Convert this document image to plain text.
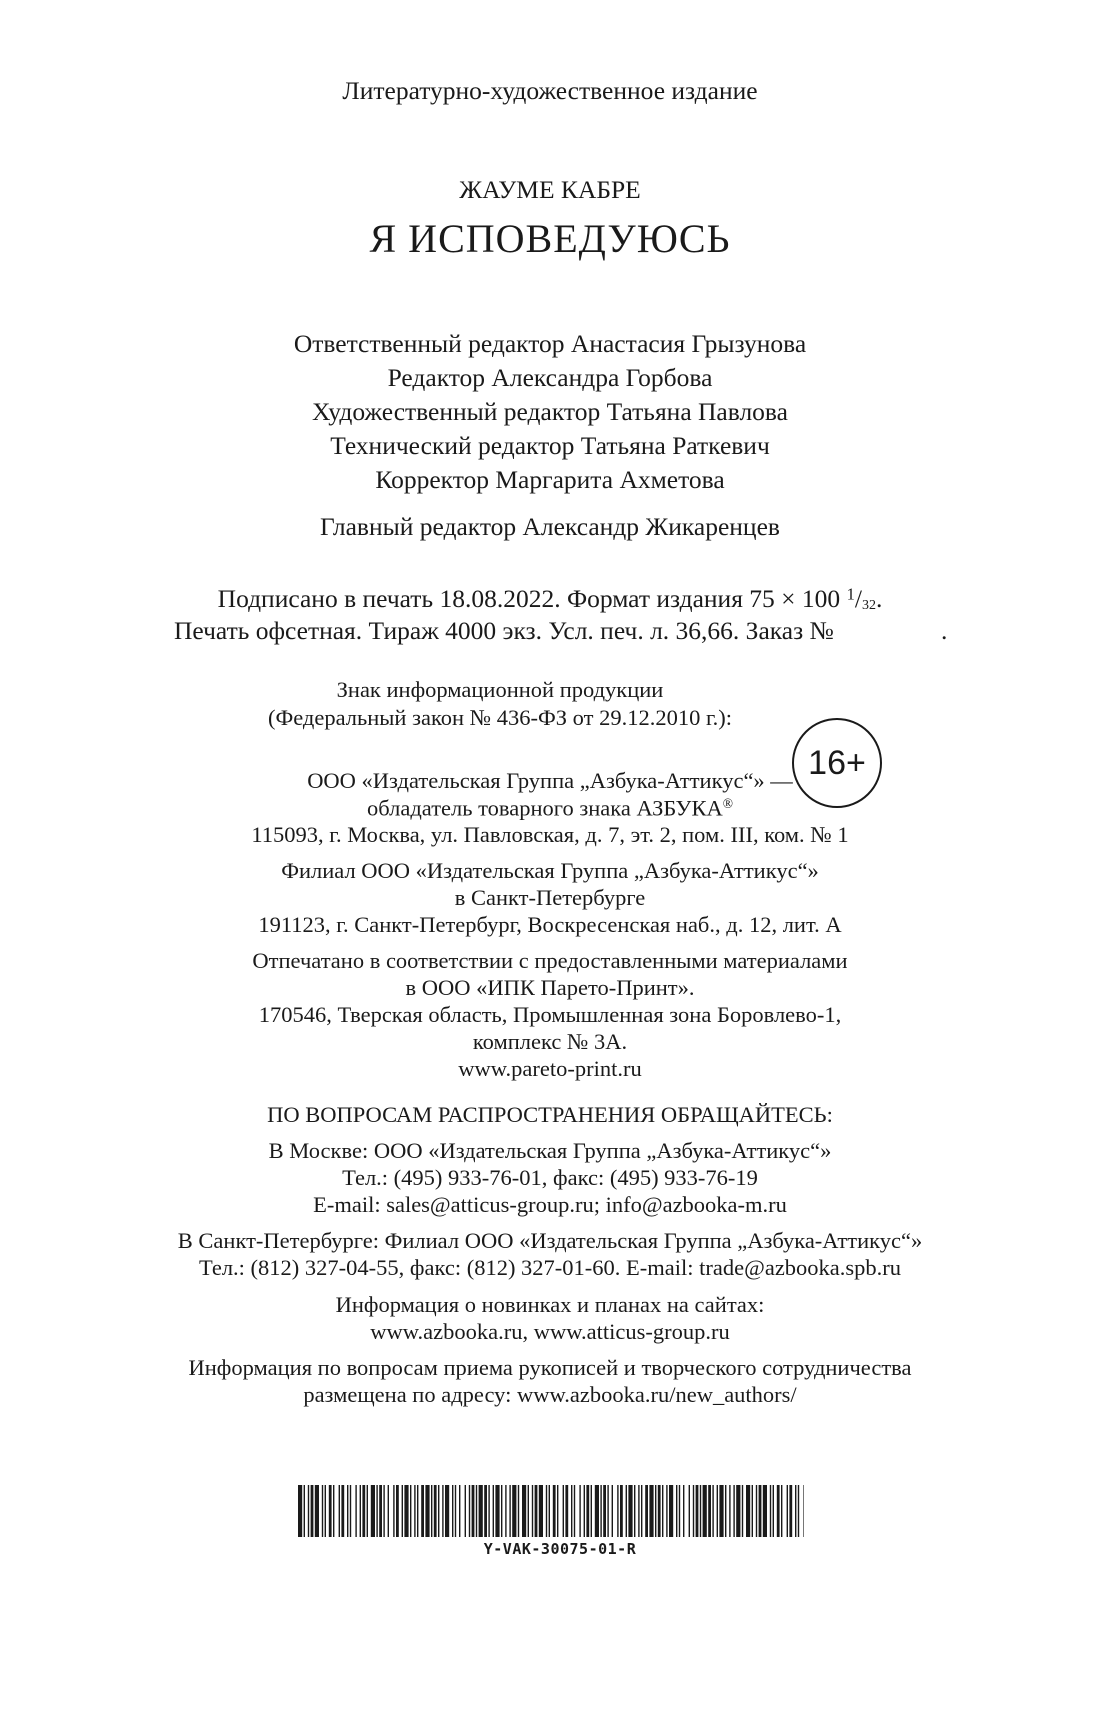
Литературно-художественное издание
ЖАУМЕ КАБРЕ
Я ИСПОВЕДУЮСЬ
Ответственный редактор Анастасия Грызунова
Редактор Александра Горбова
Художественный редактор Татьяна Павлова
Технический редактор Татьяна Раткевич
Корректор Маргарита Ахметова
Главный редактор Александр Жикаренцев
Подписано в печать 18.08.2022. Формат издания 75 × 100 $^1/_{32}$.
Печать офсетная. Тираж 4000 экз. Усл. печ. л. 36,66. Заказ №	.
Знак информационной продукции
(Федеральный закон № 436-ФЗ от 29.12.2010 г.):
16+
ООО «Издательская Группа „Азбука-Аттикус“» —
обладатель товарного знака АЗБУКА®
115093, г. Москва, ул. Павловская, д. 7, эт. 2, пом. III, ком. № 1
Филиал ООО «Издательская Группа „Азбука-Аттикус“»
в Санкт-Петербурге
191123, г. Санкт-Петербург, Воскресенская наб., д. 12, лит. А
Отпечатано в соответствии с предоставленными материалами
в ООО «ИПК Парето-Принт».
170546, Тверская область, Промышленная зона Боровлево-1,
комплекс № 3А.
www.pareto-print.ru
ПО ВОПРОСАМ РАСПРОСТРАНЕНИЯ ОБРАЩАЙТЕСЬ:
В Москве: ООО «Издательская Группа „Азбука-Аттикус“»
Тел.: (495) 933-76-01, факс: (495) 933-76-19
E-mail: sales@atticus-group.ru; info@azbooka-m.ru
В Санкт-Петербурге: Филиал ООО «Издательская Группа „Азбука-Аттикус“»
Тел.: (812) 327-04-55, факс: (812) 327-01-60. E-mail: trade@azbooka.spb.ru
Информация о новинках и планах на сайтах:
www.azbooka.ru, www.atticus-group.ru
Информация по вопросам приема рукописей и творческого сотрудничества
размещена по адресу: www.azbooka.ru/new_authors/
Y-VAK-30075-01-R
